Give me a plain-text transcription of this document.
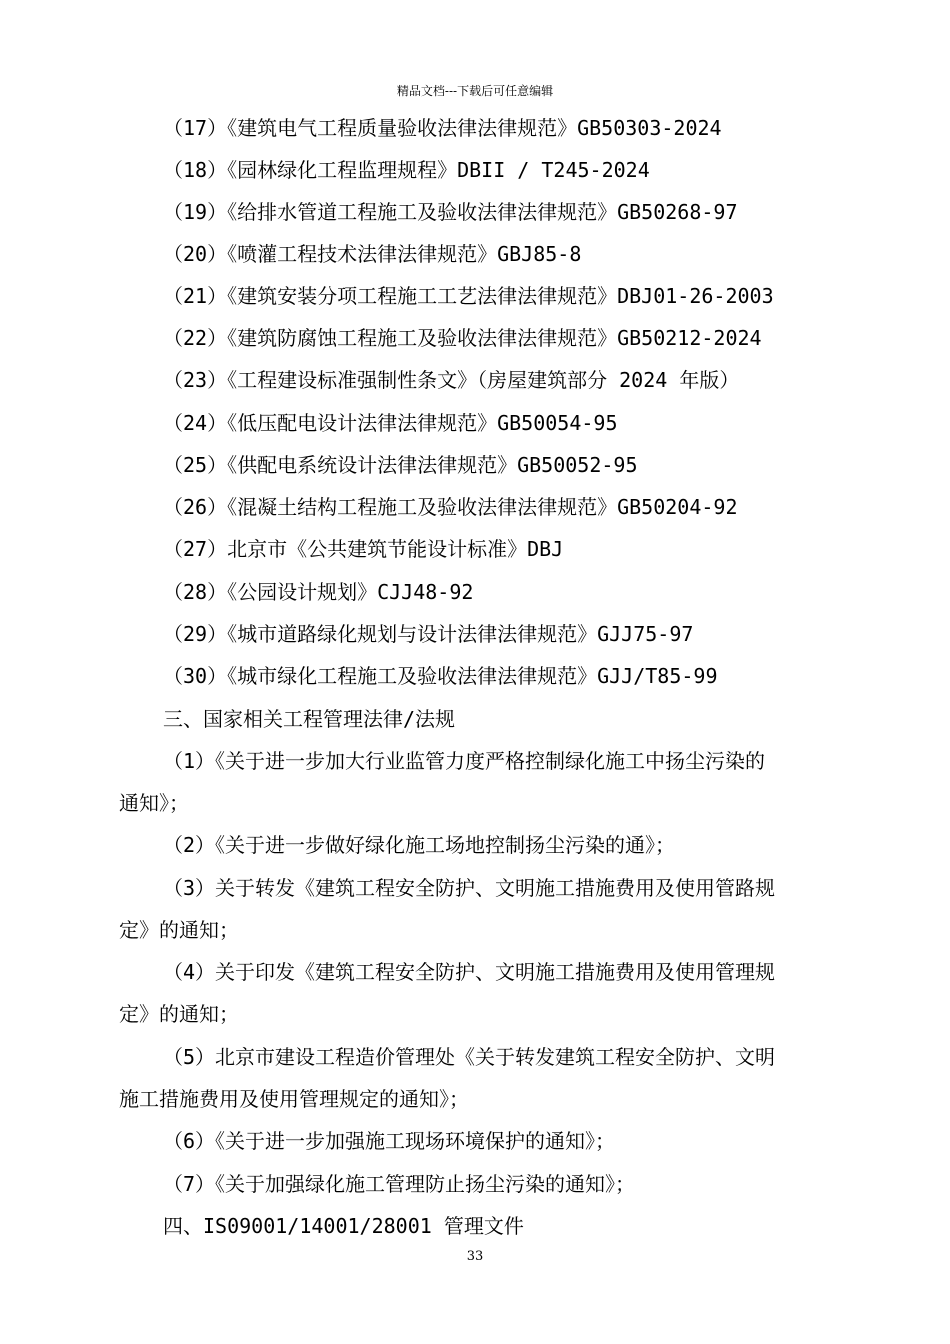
精品文档---下载后可任意编辑
（17）《建筑电气工程质量验收法律法律规范》GB50303-2024
（18）《园林绿化工程监理规程》DBII / T245-2024
（19）《给排水管道工程施工及验收法律法律规范》GB50268-97
（20）《喷灌工程技术法律法律规范》GBJ85-8
（21）《建筑安装分项工程施工工艺法律法律规范》DBJ01-26-2003
（22）《建筑防腐蚀工程施工及验收法律法律规范》GB50212-2024
（23）《工程建设标准强制性条文》（房屋建筑部分 2024 年版）
（24）《低压配电设计法律法律规范》GB50054-95
（25）《供配电系统设计法律法律规范》GB50052-95
（26）《混凝土结构工程施工及验收法律法律规范》GB50204-92
（27）北京市《公共建筑节能设计标准》DBJ
（28）《公园设计规划》CJJ48-92
（29）《城市道路绿化规划与设计法律法律规范》GJJ75-97
（30）《城市绿化工程施工及验收法律法律规范》GJJ/T85-99
三、国家相关工程管理法律/法规
（1）《关于进一步加大行业监管力度严格控制绿化施工中扬尘污染的
通知》；
（2）《关于进一步做好绿化施工场地控制扬尘污染的通》；
（3）关于转发《建筑工程安全防护、文明施工措施费用及使用管路规
定》的通知；
（4）关于印发《建筑工程安全防护、文明施工措施费用及使用管理规
定》的通知；
（5）北京市建设工程造价管理处《关于转发建筑工程安全防护、文明
施工措施费用及使用管理规定的通知》；
（6）《关于进一步加强施工现场环境保护的通知》；
（7）《关于加强绿化施工管理防止扬尘污染的通知》；
四、IS09001/14001/28001 管理文件
33
